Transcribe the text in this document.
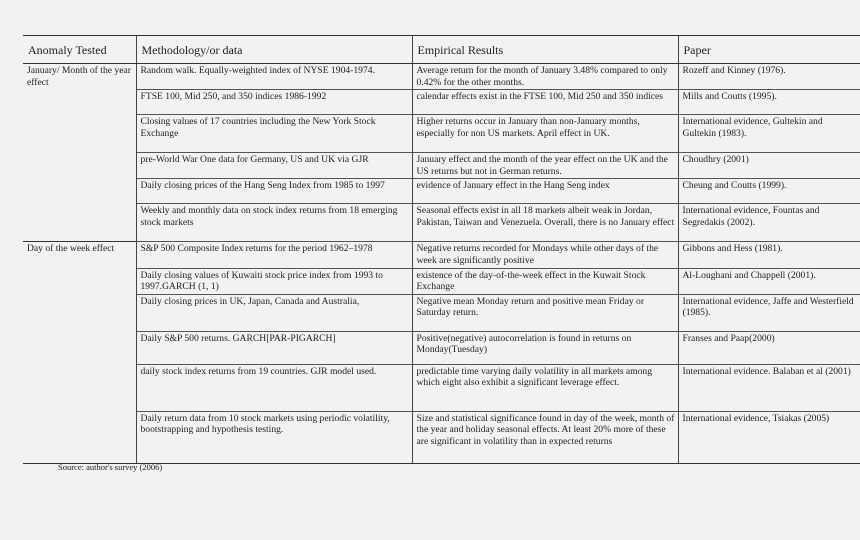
Anomaly Tested	Methodology/or data	Empirical Results	Paper
January/ Month of the year effect	Random walk. Equally-weighted index of NYSE 1904-1974.	Average return for the month of January 3.48% compared to only 0.42% for the other months.	Rozeff and Kinney (1976).
	FTSE 100, Mid 250, and 350 indices 1986-1992	calendar effects exist in the FTSE 100, Mid 250 and 350 indices	Mills and Coutts (1995).
	Closing values of 17 countries including the New York Stock Exchange	Higher returns occur in January than non-January months, especially for non US markets. April effect in UK.	International evidence, Gultekin and Gultekin (1983).
	pre-World War One data for Germany, US and UK via GJR	January effect and the month of the year effect on the UK and the US returns but not in German returns.	Choudhry (2001)
	Daily closing prices of the Hang Seng Index from 1985 to 1997	evidence of January effect in the Hang Seng index	Cheung and Coutts (1999).
	Weekly and monthly data on stock index returns from 18 emerging stock markets	Seasonal effects exist in all 18 markets albeit weak in Jordan, Pakistan, Taiwan and Venezuela. Overall, there is no January effect	International evidence, Fountas and Segredakis (2002).
Day of the week effect	S&P 500 Composite Index returns for the period 1962–1978	Negative returns recorded for Mondays while other days of the week are significantly positive	Gibbons and Hess (1981).
	Daily closing values of Kuwaiti stock price index from 1993 to 1997.GARCH (1, 1)	existence of the day-of-the-week effect in the Kuwait Stock Exchange	Al-Loughani and Chappell (2001).
	Daily closing prices in UK, Japan, Canada and Australia,	Negative mean Monday return and positive mean Friday or Saturday return.	International evidence, Jaffe and Westerfield (1985).
	Daily S&P 500 returns. GARCH[PAR-PIGARCH]	Positive(negative) autocorrelation is found in returns on Monday(Tuesday)	Franses and Paap(2000)
	daily stock index returns from 19 countries. GJR model used.	predictable time varying daily volatility in all markets among which eight also exhibit a significant leverage effect.	International evidence. Balaban et al (2001)
	Daily return data from 10 stock markets using periodic volatility, bootstrapping and hypothesis testing.	Size and statistical significance found in day of the week, month of the year and holiday seasonal effects. At least 20% more of these are significant in volatility than in expected returns	International evidence, Tsiakas (2005)
Source: author's survey (2006)
